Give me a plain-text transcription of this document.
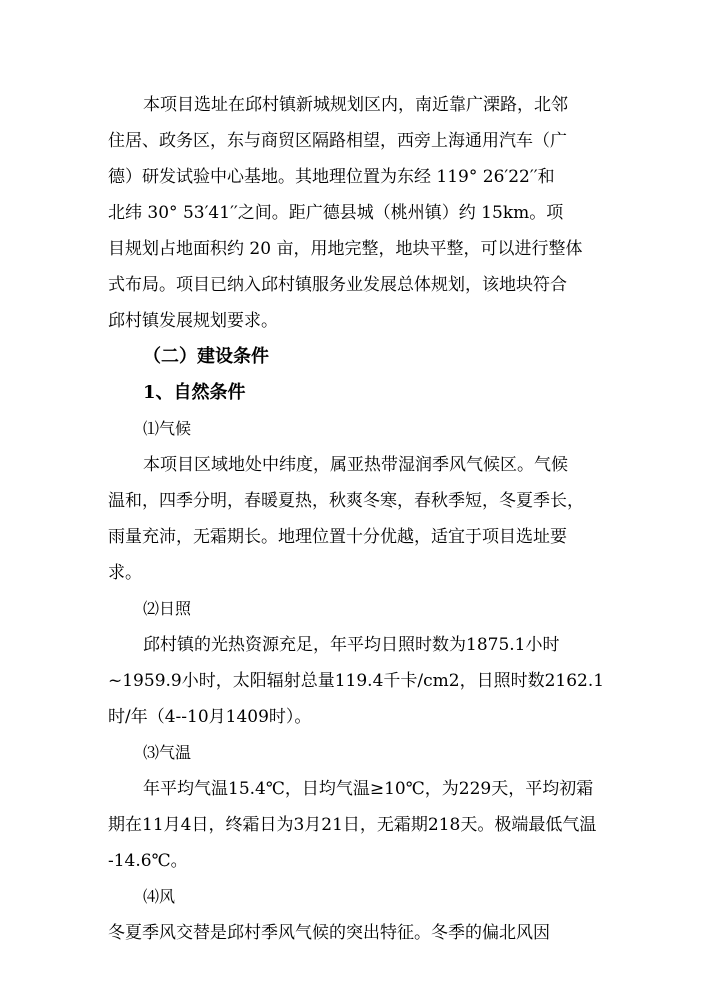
本项目选址在邱村镇新城规划区内，南近靠广溧路，北邻
住居、政务区，东与商贸区隔路相望，西旁上海通用汽车（广
德）研发试验中心基地。其地理位置为东经 119° 26′22′′和
北纬 30° 53′41′′之间。距广德县城（桃州镇）约 15km。项
目规划占地面积约 20 亩，用地完整，地块平整，可以进行整体
式布局。项目已纳入邱村镇服务业发展总体规划，该地块符合
邱村镇发展规划要求。
（二）建设条件
1、自然条件
⑴气候
本项目区域地处中纬度，属亚热带湿润季风气候区。气候
温和，四季分明，春暖夏热，秋爽冬寒，春秋季短，冬夏季长，
雨量充沛，无霜期长。地理位置十分优越，适宜于项目选址要
求。
⑵日照
邱村镇的光热资源充足，年平均日照时数为1875.1小时
~1959.9小时，太阳辐射总量119.4千卡/cm2，日照时数2162.1
时/年（4--10月1409时）。
⑶气温
年平均气温15.4℃，日均气温≥10℃，为229天，平均初霜
期在11月4日，终霜日为3月21日，无霜期218天。极端最低气温
-14.6℃。
⑷风
冬夏季风交替是邱村季风气候的突出特征。冬季的偏北风因
